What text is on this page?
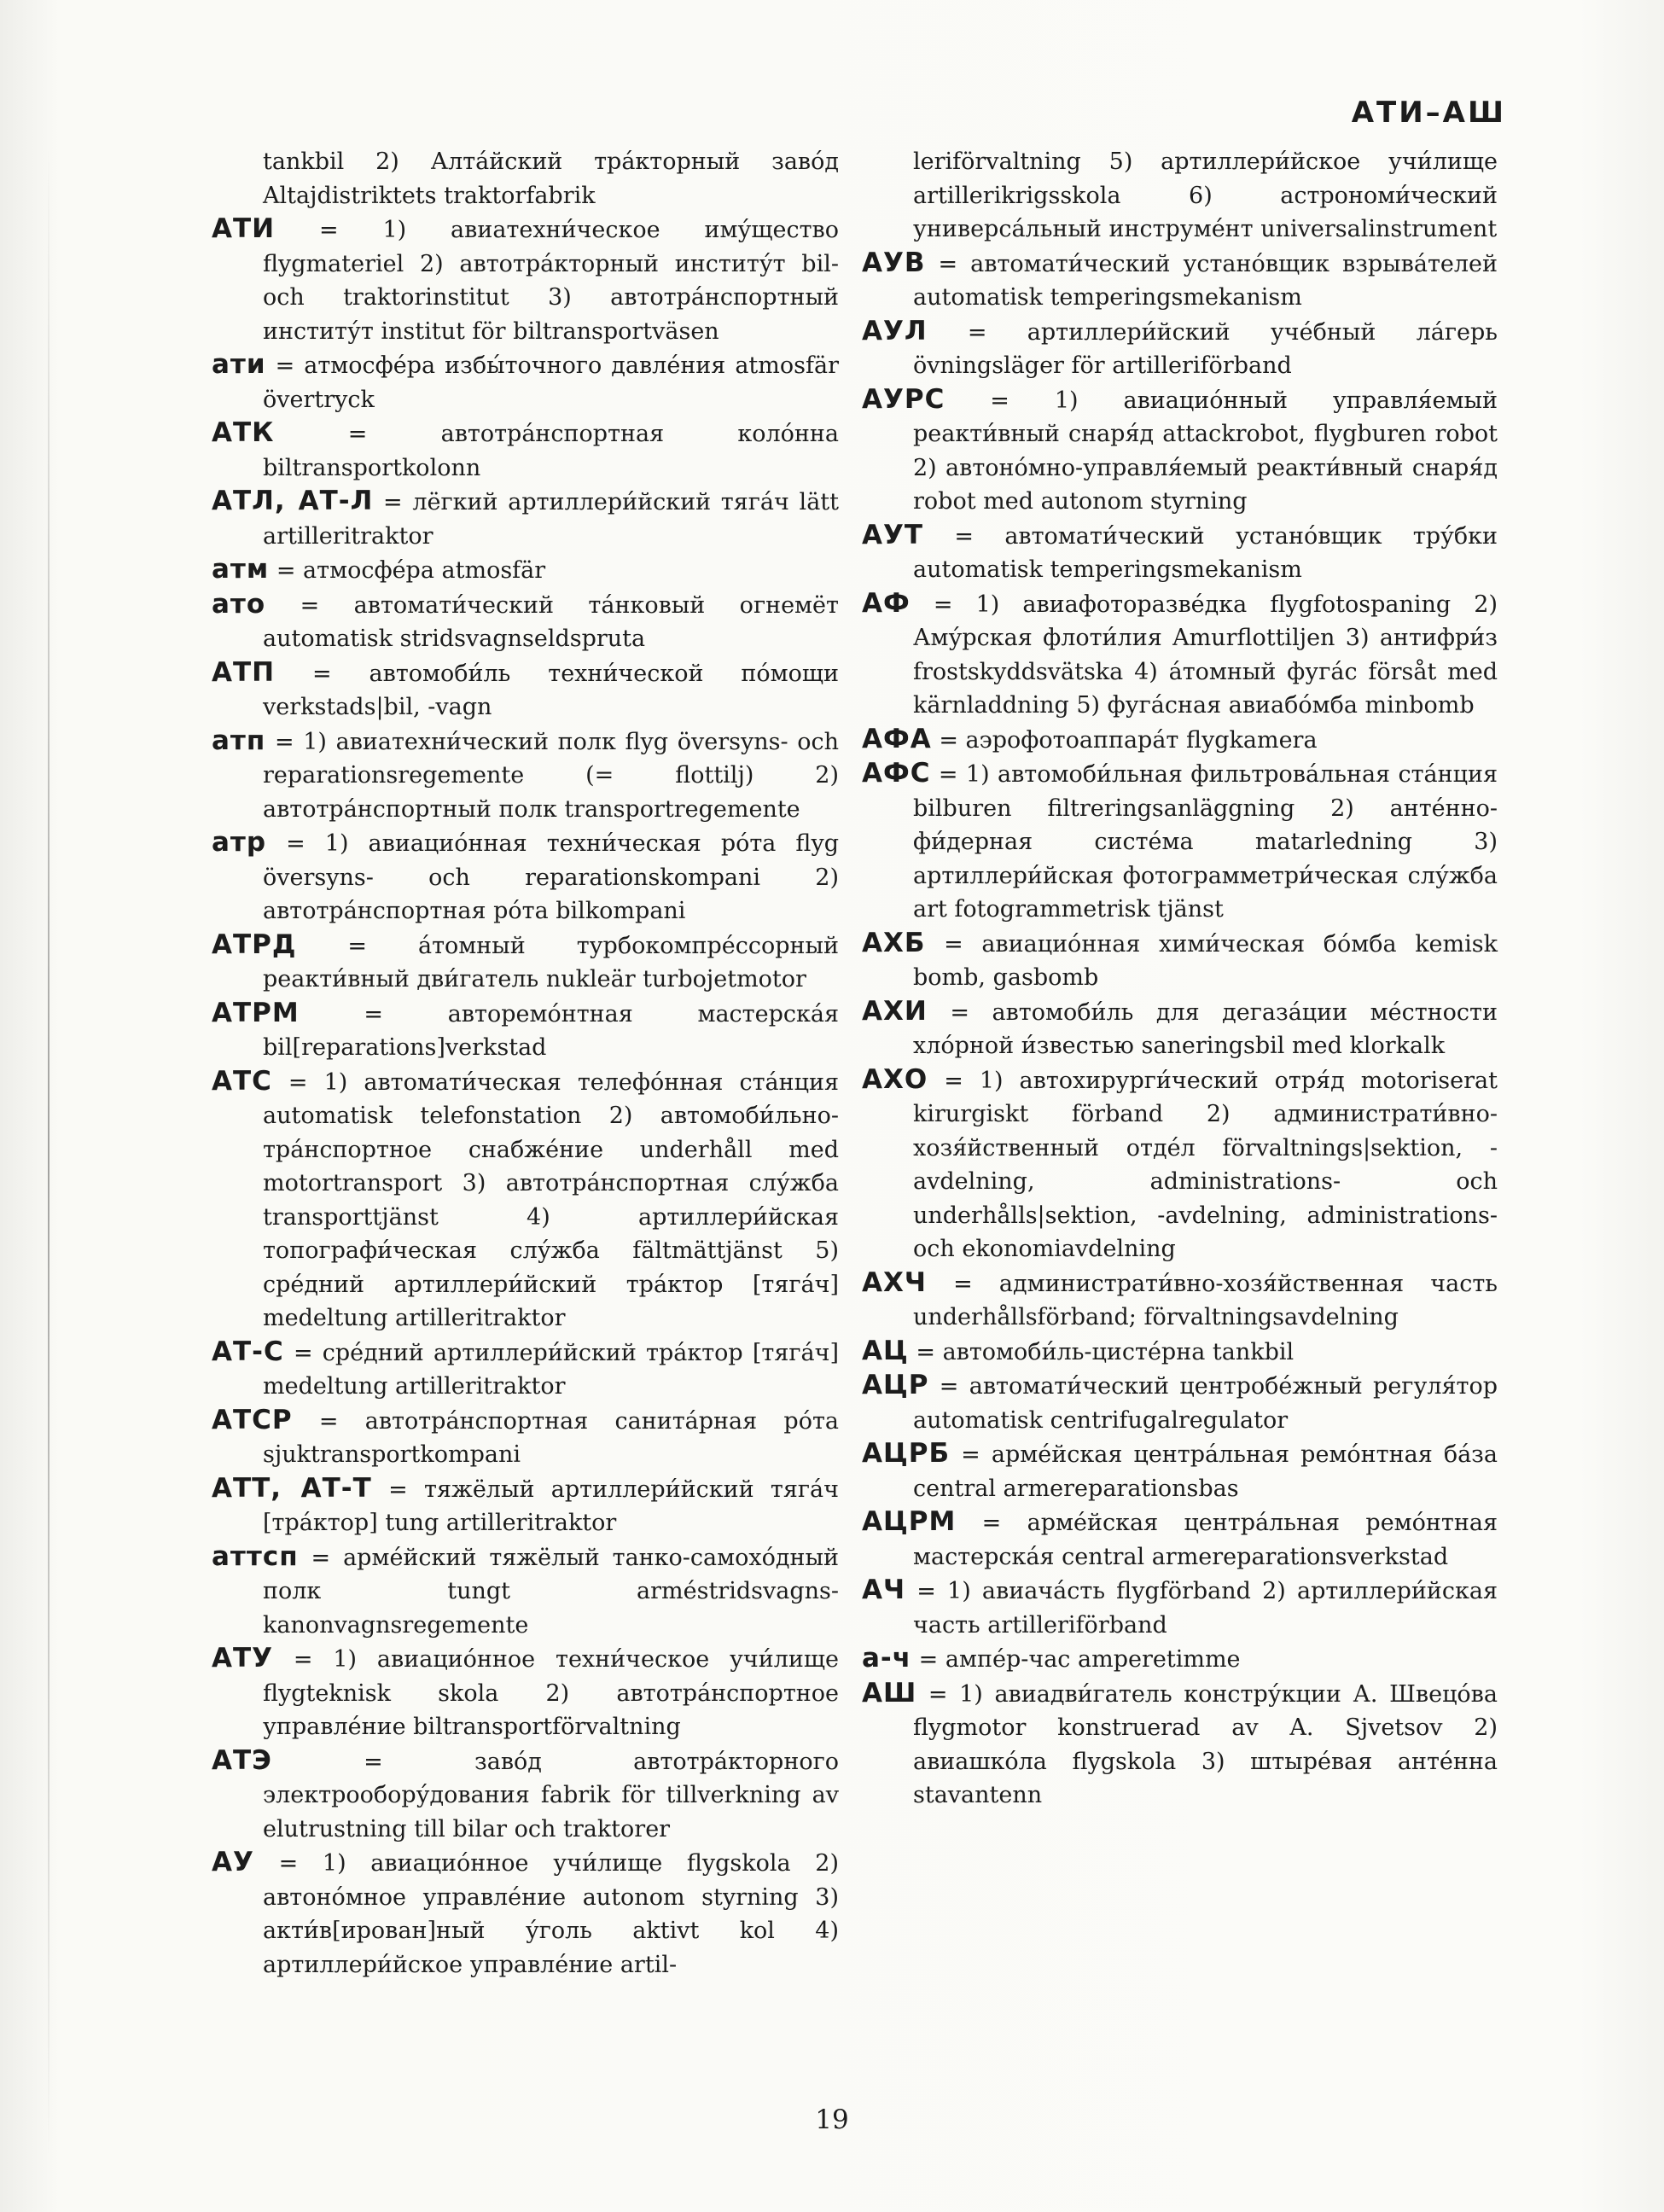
АТИ–АШ

tankbil 2) Алта́йский тра́кторный заво́д Altajdistriktets traktorfabrik

АТИ = 1) авиатехни́ческое иму́щество flygmateriel 2) автотра́кторный институ́т bil- och traktorinstitut 3) автотра́нспортный институ́т institut för biltransportväsen

ати = атмосфе́ра избы́точного давле́ния atmosfär övertryck

АТК = автотра́нспортная коло́нна biltransportkolonn

АТЛ, АТ-Л = лёгкий артиллери́йский тяга́ч lätt artilleritraktor

атм = атмосфе́ра atmosfär

ато = автомати́ческий та́нковый огнемёт automatisk stridsvagnseldspruta

АТП = автомоби́ль техни́ческой по́мощи verkstads|bil, -vagn

атп = 1) авиатехни́ческий полк flyg översyns- och reparationsregemente (= flottilj) 2) автотра́нспортный полк transportregemente

атр = 1) авиацио́нная техни́ческая ро́та flyg översyns- och reparationskompani 2) автотра́нспортная ро́та bilkompani

АТРД = а́томный турбокомпре́ссорный реакти́вный дви́гатель nukleär turbojetmotor

АТРМ = авторемо́нтная мастерска́я bil[reparations]verkstad

АТС = 1) автомати́ческая телефо́нная ста́нция automatisk telefonstation 2) автомоби́льно-тра́нспортное снабже́ние underhåll med motortransport 3) автотра́нспортная слу́жба transporttjänst 4) артиллери́йская топографи́ческая слу́жба fältmättjänst 5) сре́дний артиллери́йский тра́ктор [тяга́ч] medeltung artilleritraktor

АТ-С = сре́дний артиллери́йский тра́ктор [тяга́ч] medeltung artilleritraktor

АТСР = автотра́нспортная санита́рная ро́та sjuktransportkompani

АТТ, АТ-Т = тяжёлый артиллери́йский тяга́ч [тра́ктор] tung artilleritraktor

аттсп = арме́йский тяжёлый танко-самохо́дный полк tungt arméstridsvagns-kanonvagnsregemente

АТУ = 1) авиацио́нное техни́ческое учи́лище flygteknisk skola 2) автотра́нспортное управле́ние biltransportförvaltning

АТЭ = заво́д автотра́кторного электрообору́дования fabrik för tillverkning av elutrustning till bilar och traktorer

АУ = 1) авиацио́нное учи́лище flygskola 2) автоно́мное управле́ние autonom styrning 3) акти́в[ирован]ный у́голь aktivt kol 4) артиллери́йское управле́ние artil-

leriförvaltning 5) артиллери́йское учи́лище artillerikrigsskola 6) астрономи́ческий универса́льный инструме́нт universalinstrument

АУВ = автомати́ческий устано́вщик взрыва́телей automatisk temperingsmekanism

АУЛ = артиллери́йский уче́бный ла́герь övningsläger för artilleriförband

АУРС = 1) авиацио́нный управля́емый реакти́вный снаря́д attackrobot, flygburen robot 2) автоно́мно-управля́емый реакти́вный снаря́д robot med autonom styrning

АУТ = автомати́ческий устано́вщик тру́бки automatisk temperingsmekanism

АФ = 1) авиафоторазве́дка flygfotospaning 2) Аму́рская флоти́лия Amurflottiljen 3) антифри́з frostskyddsvätska 4) а́томный фуга́с försåt med kärnladdning 5) фуга́сная авиабо́мба minbomb

АФА = аэрофотоаппара́т flygkamera

АФС = 1) автомоби́льная фильтрова́льная ста́нция bilburen filtreringsanläggning 2) анте́нно-фи́дерная систе́ма matarledning 3) артиллери́йская фотограмметри́ческая слу́жба art fotogrammetrisk tjänst

АХБ = авиацио́нная хими́ческая бо́мба kemisk bomb, gasbomb

АХИ = автомоби́ль для дегаза́ции ме́стности хло́рной и́звестью saneringsbil med klorkalk

АХО = 1) автохирурги́ческий отря́д motoriserat kirurgiskt förband 2) администрати́вно-хозя́йственный отде́л förvaltnings|sektion, -avdelning, administrations- och underhålls|sektion, -avdelning, administrations- och ekonomiavdelning

АХЧ = администрати́вно-хозя́йственная часть underhållsförband; förvaltningsavdelning

АЦ = автомоби́ль-цисте́рна tankbil

АЦР = автомати́ческий центробе́жный регуля́тор automatisk centrifugalregulator

АЦРБ = арме́йская центра́льная ремо́нтная ба́за central armereparationsbas

АЦРМ = арме́йская центра́льная ремо́нтная мастерска́я central armereparationsverkstad

АЧ = 1) авиача́сть flygförband 2) артиллери́йская часть artilleriförband

а-ч = ампе́р-час amperetimme

АШ = 1) авиадви́гатель констру́кции А. Швецо́ва flygmotor konstruerad av A. Sjvetsov 2) авиашко́ла flygskola 3) штыре́вая анте́нна stavantenn

19
